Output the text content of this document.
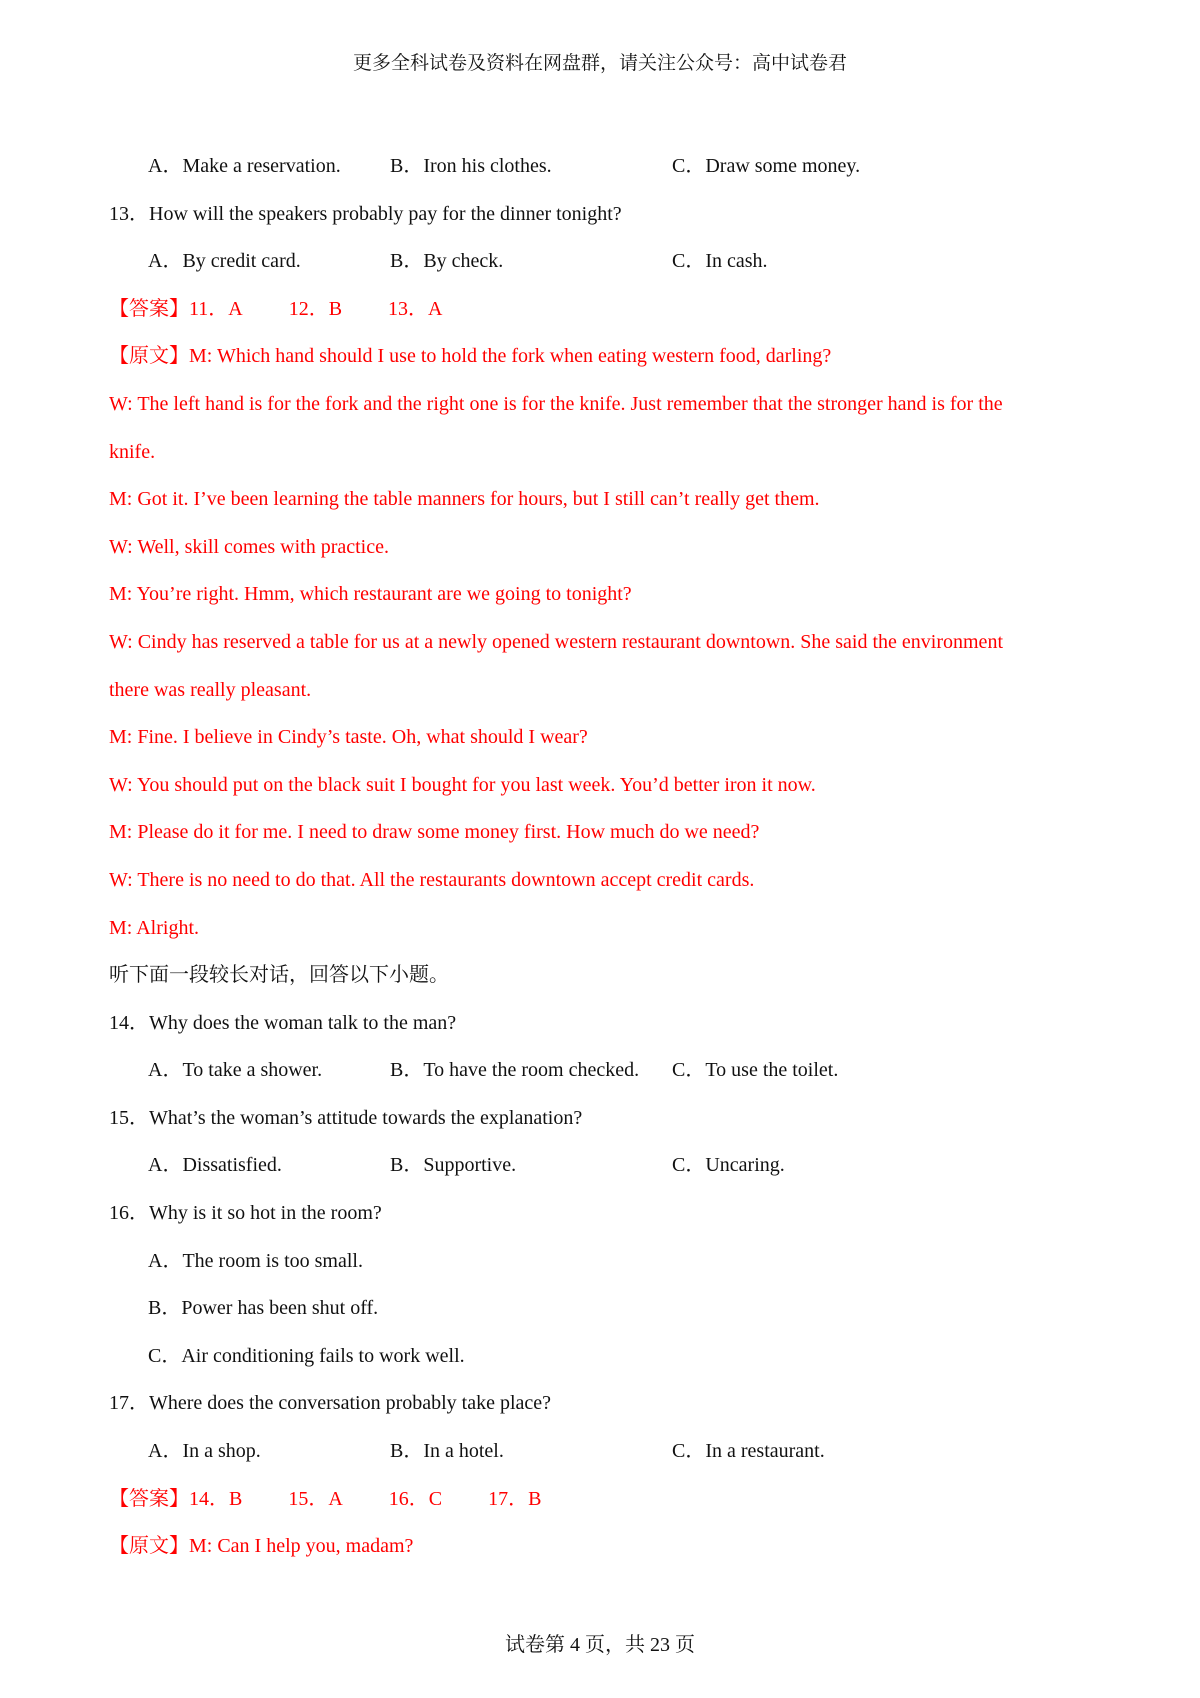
更多全科试卷及资料在网盘群，请关注公众号：高中试卷君
A．Make a reservation. B．Iron his clothes.	C．Draw some money.
13．How will the speakers probably pay for the dinner tonight?
A．By credit card.	B．By check.	C．In cash.
【答案】11．A 12．B 13．A
【原文】M: Which hand should I use to hold the fork when eating western food, darling?
W: The left hand is for the fork and the right one is for the knife. Just remember that the stronger hand is for the
knife.
M: Got it. I’ve been learning the table manners for hours, but I still can’t really get them.
W: Well, skill comes with practice.
M: You’re right. Hmm, which restaurant are we going to tonight?
W: Cindy has reserved a table for us at a newly opened western restaurant downtown. She said the environment
there was really pleasant.
M: Fine. I believe in Cindy’s taste. Oh, what should I wear?
W: You should put on the black suit I bought for you last week. You’d better iron it now.
M: Please do it for me. I need to draw some money first. How much do we need?
W: There is no need to do that. All the restaurants downtown accept credit cards.
M: Alright.
听下面一段较长对话，回答以下小题。
14．Why does the woman talk to the man?
A．To take a shower.	B．To have the room checked. C．To use the toilet.
15．What’s the woman’s attitude towards the explanation?
A．Dissatisfied.	B．Supportive.	C．Uncaring.
16．Why is it so hot in the room?
A．The room is too small.
B．Power has been shut off.
C．Air conditioning fails to work well.
17．Where does the conversation probably take place?
A．In a shop.	B．In a hotel.	C．In a restaurant.
【答案】14．B 15．A 16．C 17．B
【原文】M: Can I help you, madam?
试卷第 4 页，共 23 页
